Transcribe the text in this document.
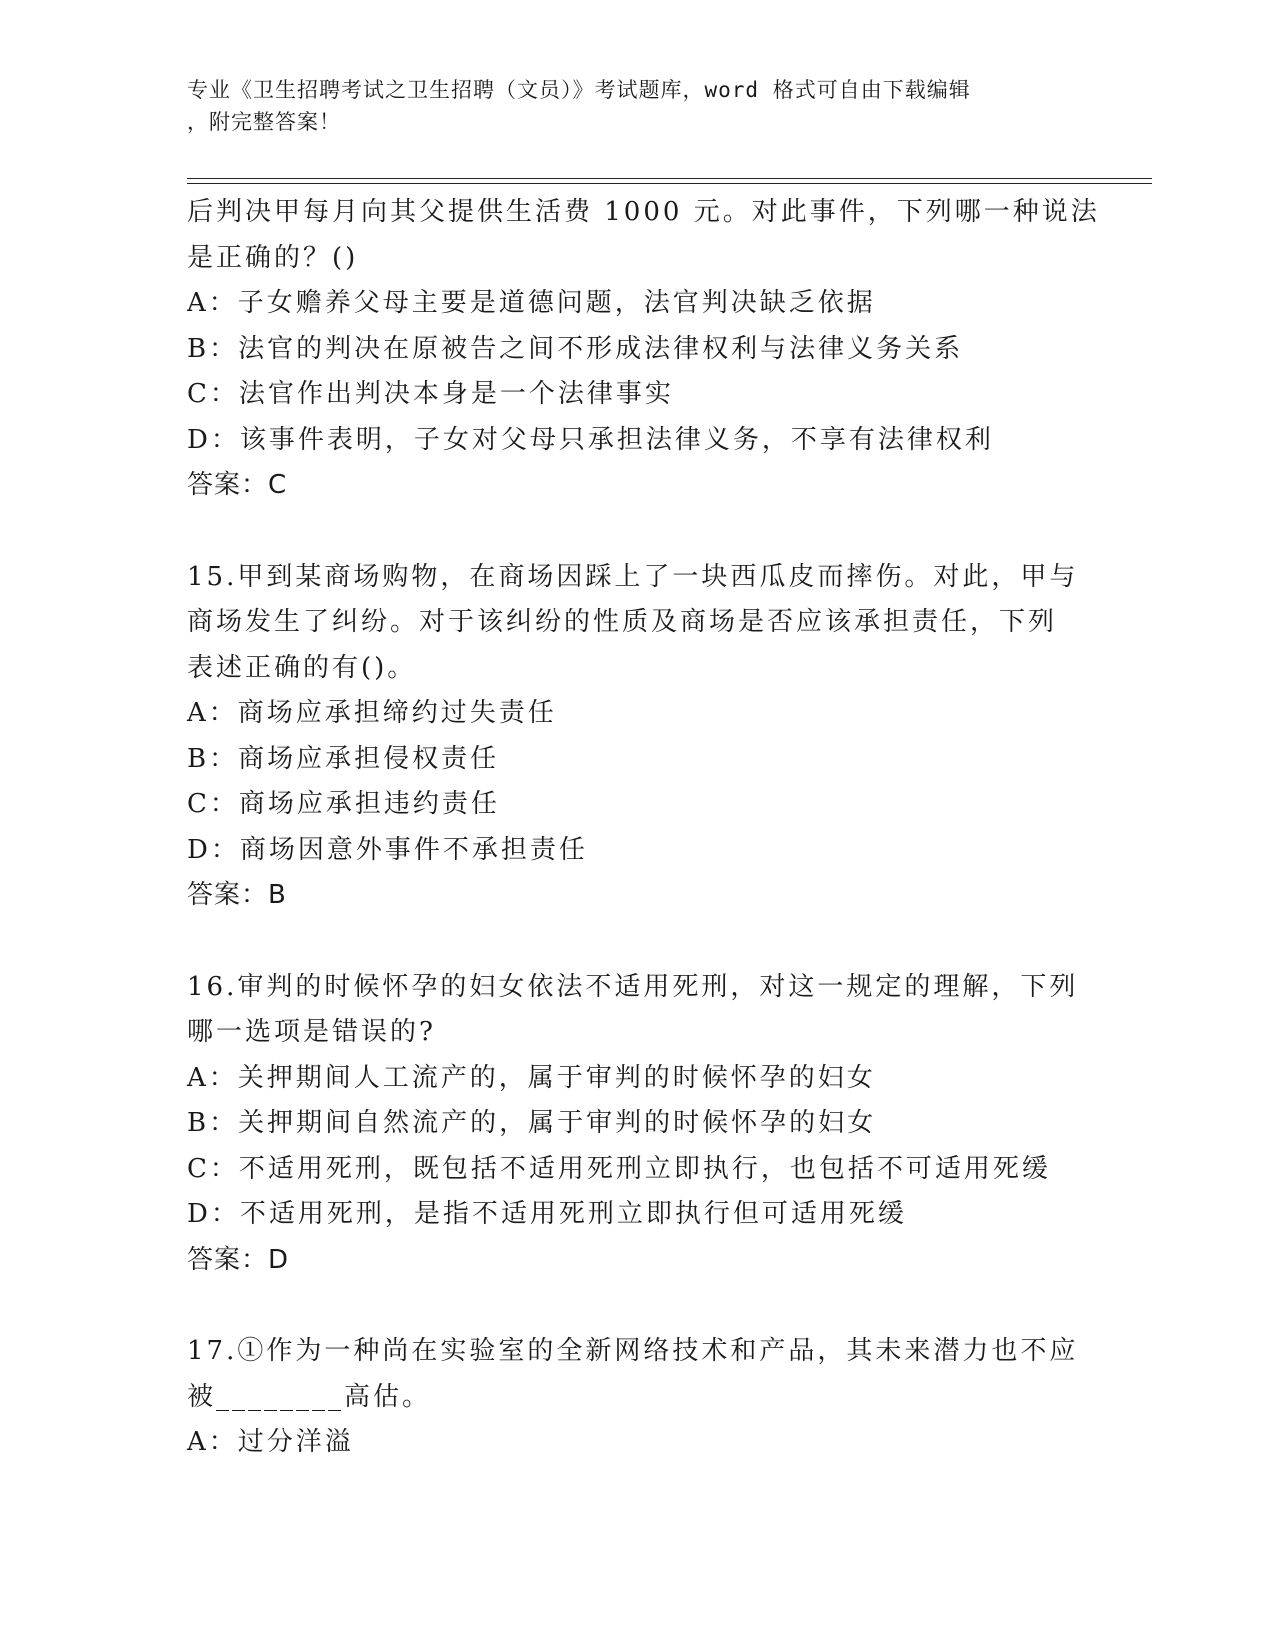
专业《卫生招聘考试之卫生招聘（文员）》考试题库，word 格式可自由下载编辑
，附完整答案！
后判决甲每月向其父提供生活费 1000 元。对此事件，下列哪一种说法
是正确的？()
A：子女赡养父母主要是道德问题，法官判决缺乏依据
B：法官的判决在原被告之间不形成法律权利与法律义务关系
C：法官作出判决本身是一个法律事实
D：该事件表明，子女对父母只承担法律义务，不享有法律权利
答案：C
15.甲到某商场购物，在商场因踩上了一块西瓜皮而摔伤。对此，甲与
商场发生了纠纷。对于该纠纷的性质及商场是否应该承担责任，下列
表述正确的有()。
A：商场应承担缔约过失责任
B：商场应承担侵权责任
C：商场应承担违约责任
D：商场因意外事件不承担责任
答案：B
16.审判的时候怀孕的妇女依法不适用死刑，对这一规定的理解，下列
哪一选项是错误的?
A：关押期间人工流产的，属于审判的时候怀孕的妇女
B：关押期间自然流产的，属于审判的时候怀孕的妇女
C：不适用死刑，既包括不适用死刑立即执行，也包括不可适用死缓
D：不适用死刑，是指不适用死刑立即执行但可适用死缓
答案：D
17.①作为一种尚在实验室的全新网络技术和产品，其未来潜力也不应
被________高估。
A：过分洋溢
